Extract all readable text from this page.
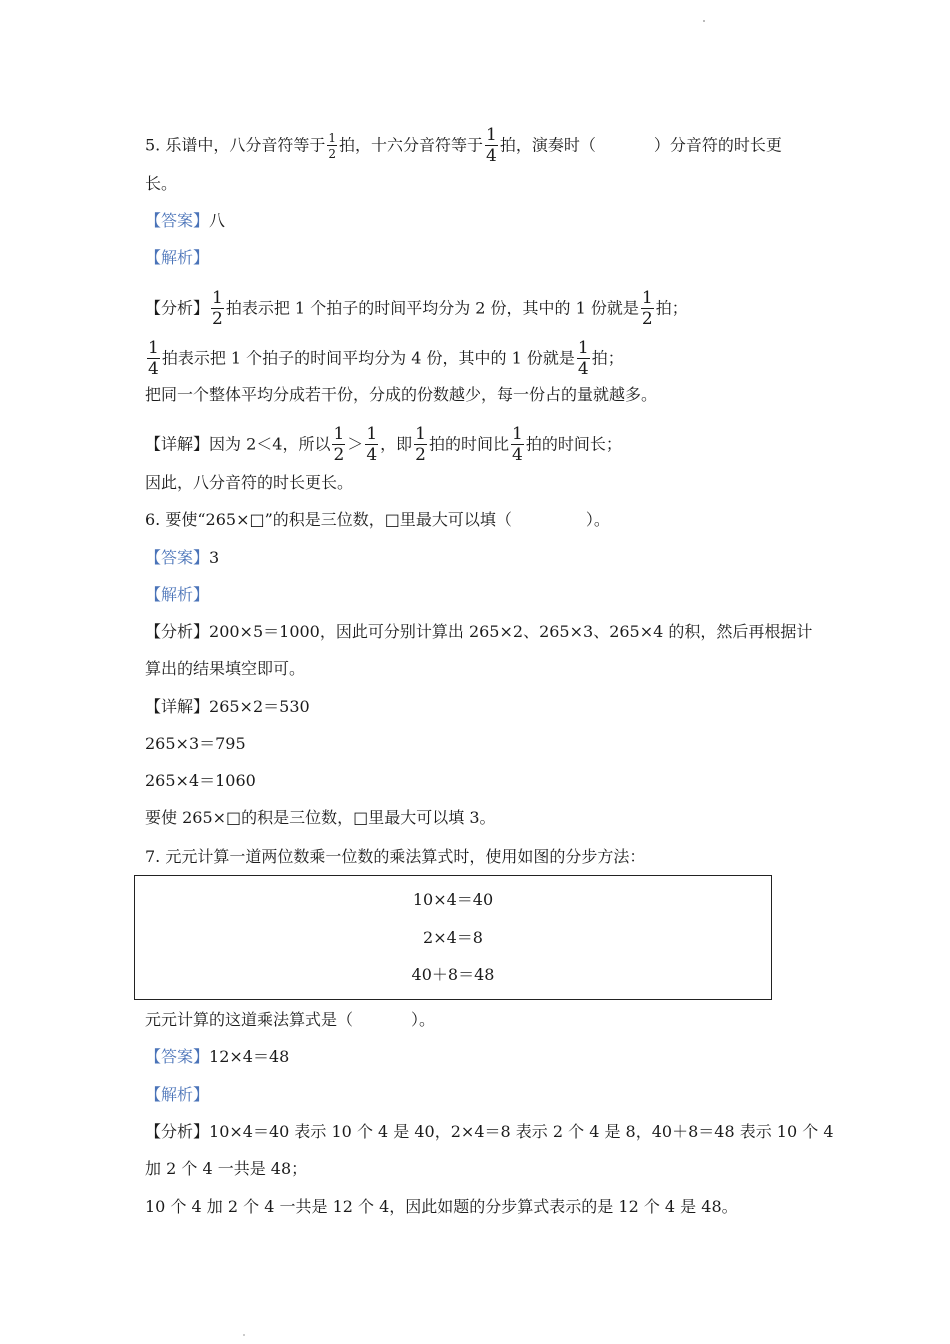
5. 乐谱中，八分音符等于 $\frac{1}{2}$ 拍，十六分音符等于 $\frac{1}{4}$ 拍，演奏时（	）分音符的时长更
长。
【答案】八
【解析】
【分析】 $\frac{1}{2}$ 拍表示把 1 个拍子的时间平均分为 2 份，其中的 1 份就是 $\frac{1}{2}$ 拍；
$\frac{1}{4}$ 拍表示把 1 个拍子的时间平均分为 4 份，其中的 1 份就是 $\frac{1}{4}$ 拍；
把同一个整体平均分成若干份，分成的份数越少，每一份占的量就越多。
【详解】因为 2＜4，所以 $\frac{1}{2} > \frac{1}{4}$ ，即 $\frac{1}{2}$ 拍的时间比 $\frac{1}{4}$ 拍的时间长；
因此，八分音符的时长更长。
6. 要使“265×□”的积是三位数，□里最大可以填（	）。
【答案】3
【解析】
【分析】200×5＝1000，因此可分别计算出 265×2、265×3、265×4 的积，然后再根据计
算出的结果填空即可。
【详解】265×2＝530
265×3＝795
265×4＝1060
要使 265×□的积是三位数，□里最大可以填 3。
7. 元元计算一道两位数乘一位数的乘法算式时，使用如图的分步方法：
10×4＝40
2×4＝8
40＋8＝48
元元计算的这道乘法算式是（	）。
【答案】12×4＝48
【解析】
【分析】10×4＝40 表示 10 个 4 是 40，2×4＝8 表示 2 个 4 是 8，40＋8＝48 表示 10 个 4
加 2 个 4 一共是 48；
10 个 4 加 2 个 4 一共是 12 个 4，因此如题的分步算式表示的是 12 个 4 是 48。
